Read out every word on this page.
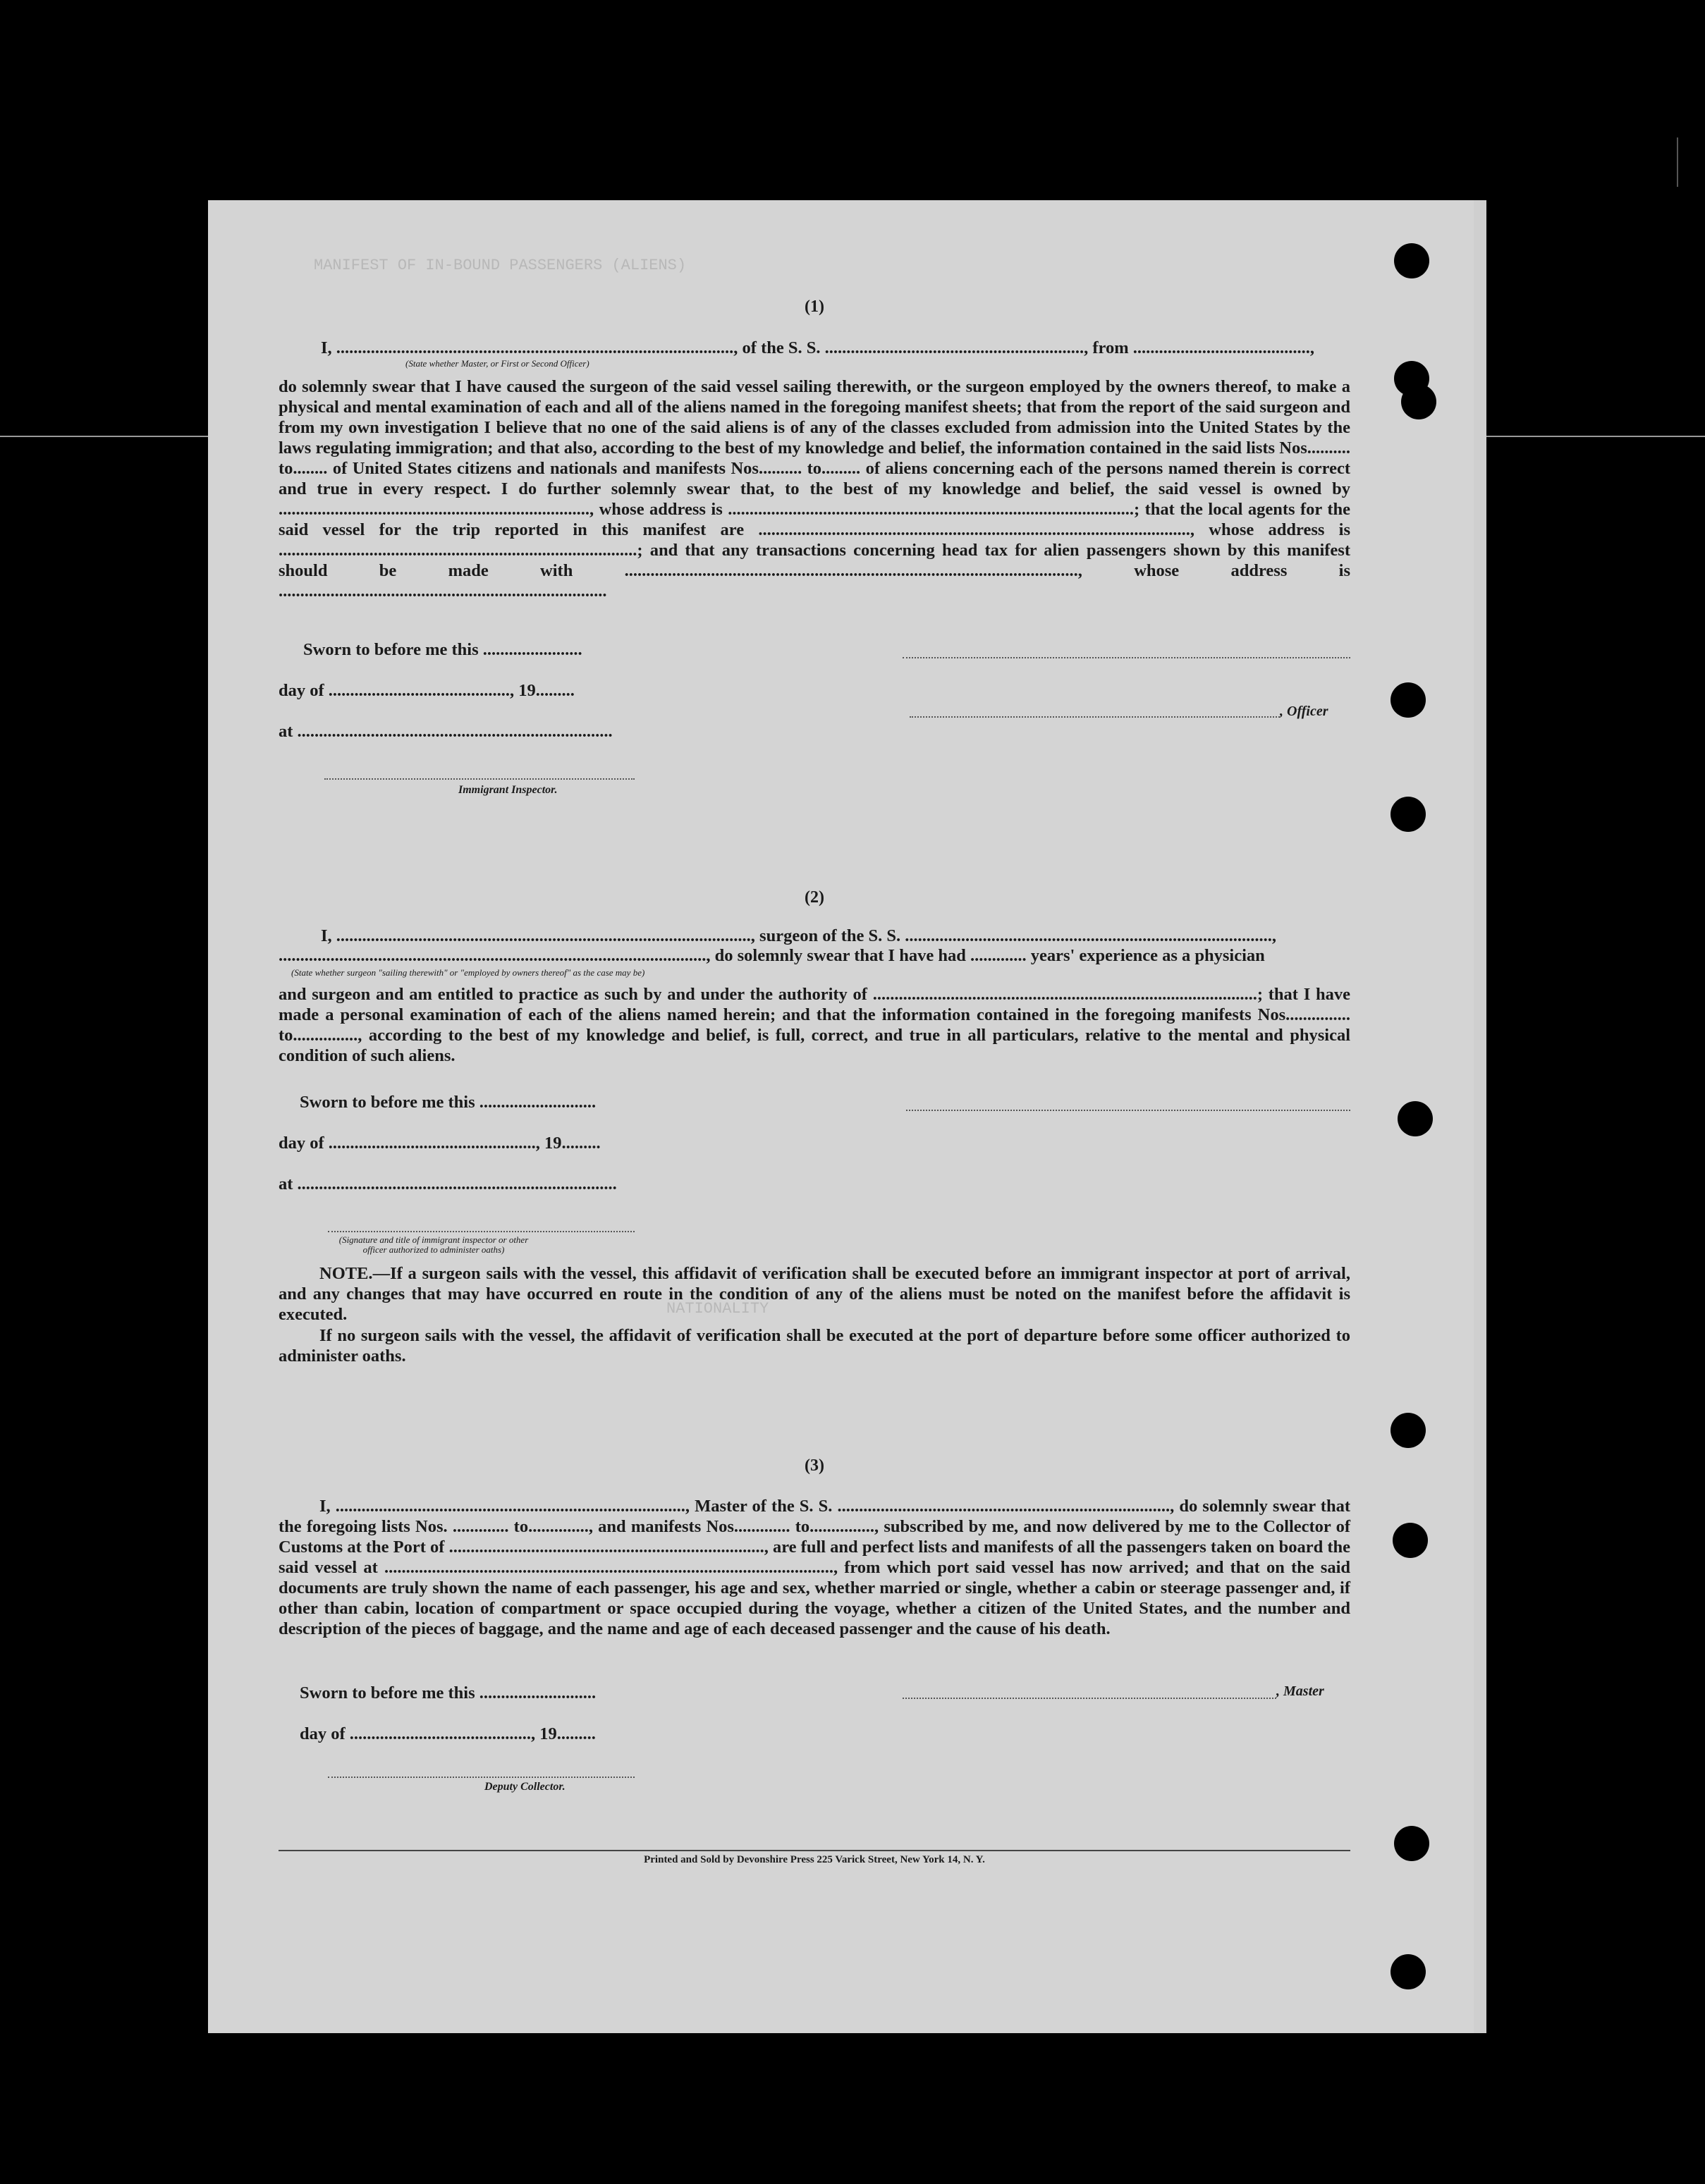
MANIFEST OF IN-BOUND PASSENGERS (ALIENS)
NATIONALITY
(1)
I, ............................................................................................, of the S. S. ............................................................, from .........................................,
(State whether Master, or First or Second Officer)
do solemnly swear that I have caused the surgeon of the said vessel sailing therewith, or the surgeon employed by the owners thereof, to make a physical and mental examination of each and all of the aliens named in the foregoing manifest sheets; that from the report of the said surgeon and from my own investigation I believe that no one of the said aliens is of any of the classes excluded from admission into the United States by the laws regulating immigration; and that also, according to the best of my knowledge and belief, the information contained in the said lists Nos.......... to........ of United States citizens and nationals and manifests Nos.......... to......... of aliens concerning each of the persons named therein is correct and true in every respect. I do further solemnly swear that, to the best of my knowledge and belief, the said vessel is owned by ........................................................................, whose address is ..............................................................................................; that the local agents for the said vessel for the trip reported in this manifest are ...................................................................................................., whose address is ...................................................................................; and that any transactions concerning head tax for alien passengers shown by this manifest should be made with ........................................................................................................., whose address is ............................................................................
Sworn to before me this .......................
day of .........................................., 19.........
at .........................................................................
, Officer
Immigrant Inspector.
(2)
I, ................................................................................................, surgeon of the S. S. .....................................................................................,
..................................................................................................., do solemnly swear that I have had ............. years' experience as a physician
(State whether surgeon "sailing therewith" or "employed by owners thereof" as the case may be)
and surgeon and am entitled to practice as such by and under the authority of .........................................................................................; that I have made a personal examination of each of the aliens named herein; and that the information contained in the foregoing manifests Nos............... to..............., according to the best of my knowledge and belief, is full, correct, and true in all particulars, relative to the mental and physical condition of such aliens.
Sworn to before me this ...........................
day of ................................................, 19.........
at ..........................................................................
(Signature and title of immigrant inspector or other officer authorized to administer oaths)
NOTE.—If a surgeon sails with the vessel, this affidavit of verification shall be executed before an immigrant inspector at port of arrival, and any changes that may have occurred en route in the condition of any of the aliens must be noted on the manifest before the affidavit is executed.
If no surgeon sails with the vessel, the affidavit of verification shall be executed at the port of departure before some officer authorized to administer oaths.
(3)
I, ................................................................................., Master of the S. S. ............................................................................., do solemnly swear that the foregoing lists Nos. ............. to.............., and manifests Nos............. to..............., subscribed by me, and now delivered by me to the Collector of Customs at the Port of ........................................................................., are full and perfect lists and manifests of all the passengers taken on board the said vessel at ........................................................................................................, from which port said vessel has now arrived; and that on the said documents are truly shown the name of each passenger, his age and sex, whether married or single, whether a cabin or steerage passenger and, if other than cabin, location of compartment or space occupied during the voyage, whether a citizen of the United States, and the number and description of the pieces of baggage, and the name and age of each deceased passenger and the cause of his death.
Sworn to before me this ...........................	, Master
day of .........................................., 19.........
Deputy Collector.
Printed and Sold by Devonshire Press 225 Varick Street, New York 14, N. Y.
